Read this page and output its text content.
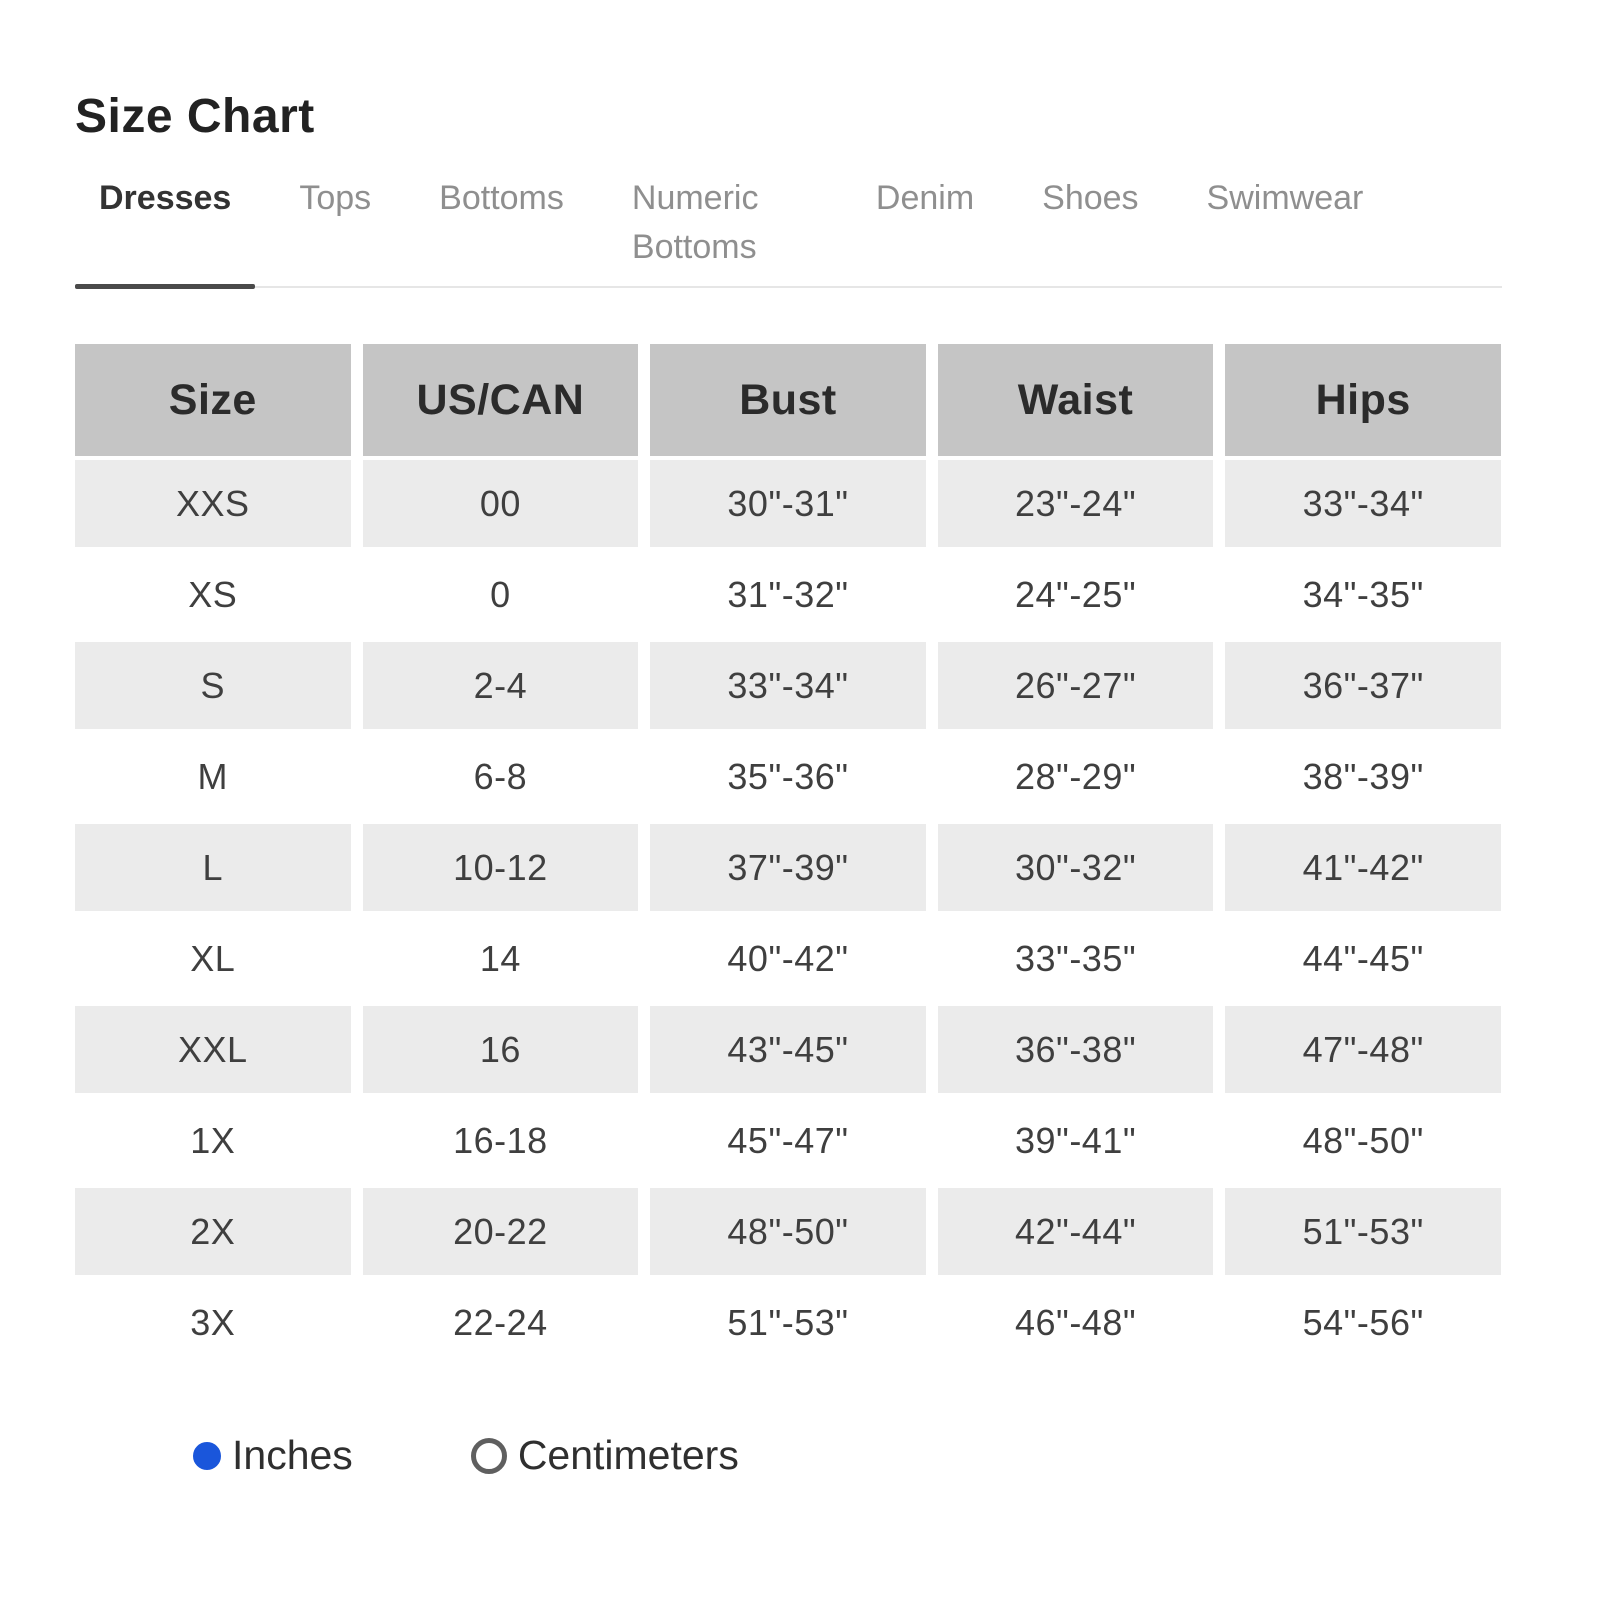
Size Chart
Dresses	Tops	Bottoms	Numeric Bottoms
Denim	Shoes	Swimwear
Size	US/CAN	Bust	Waist	Hips
XXS	00	30"-31"	23"-24"	33"-34"
XS	0	31"-32"	24"-25"	34"-35"
S	2-4	33"-34"	26"-27"	36"-37"
M	6-8	35"-36"	28"-29"	38"-39"
L	10-12	37"-39"	30"-32"	41"-42"
XL	14	40"-42"	33"-35"	44"-45"
XXL	16	43"-45"	36"-38"	47"-48"
1X	16-18	45"-47"	39"-41"	48"-50"
2X	20-22	48"-50"	42"-44"	51"-53"
3X	22-24	51"-53"	46"-48"	54"-56"
Inches	Centimeters
